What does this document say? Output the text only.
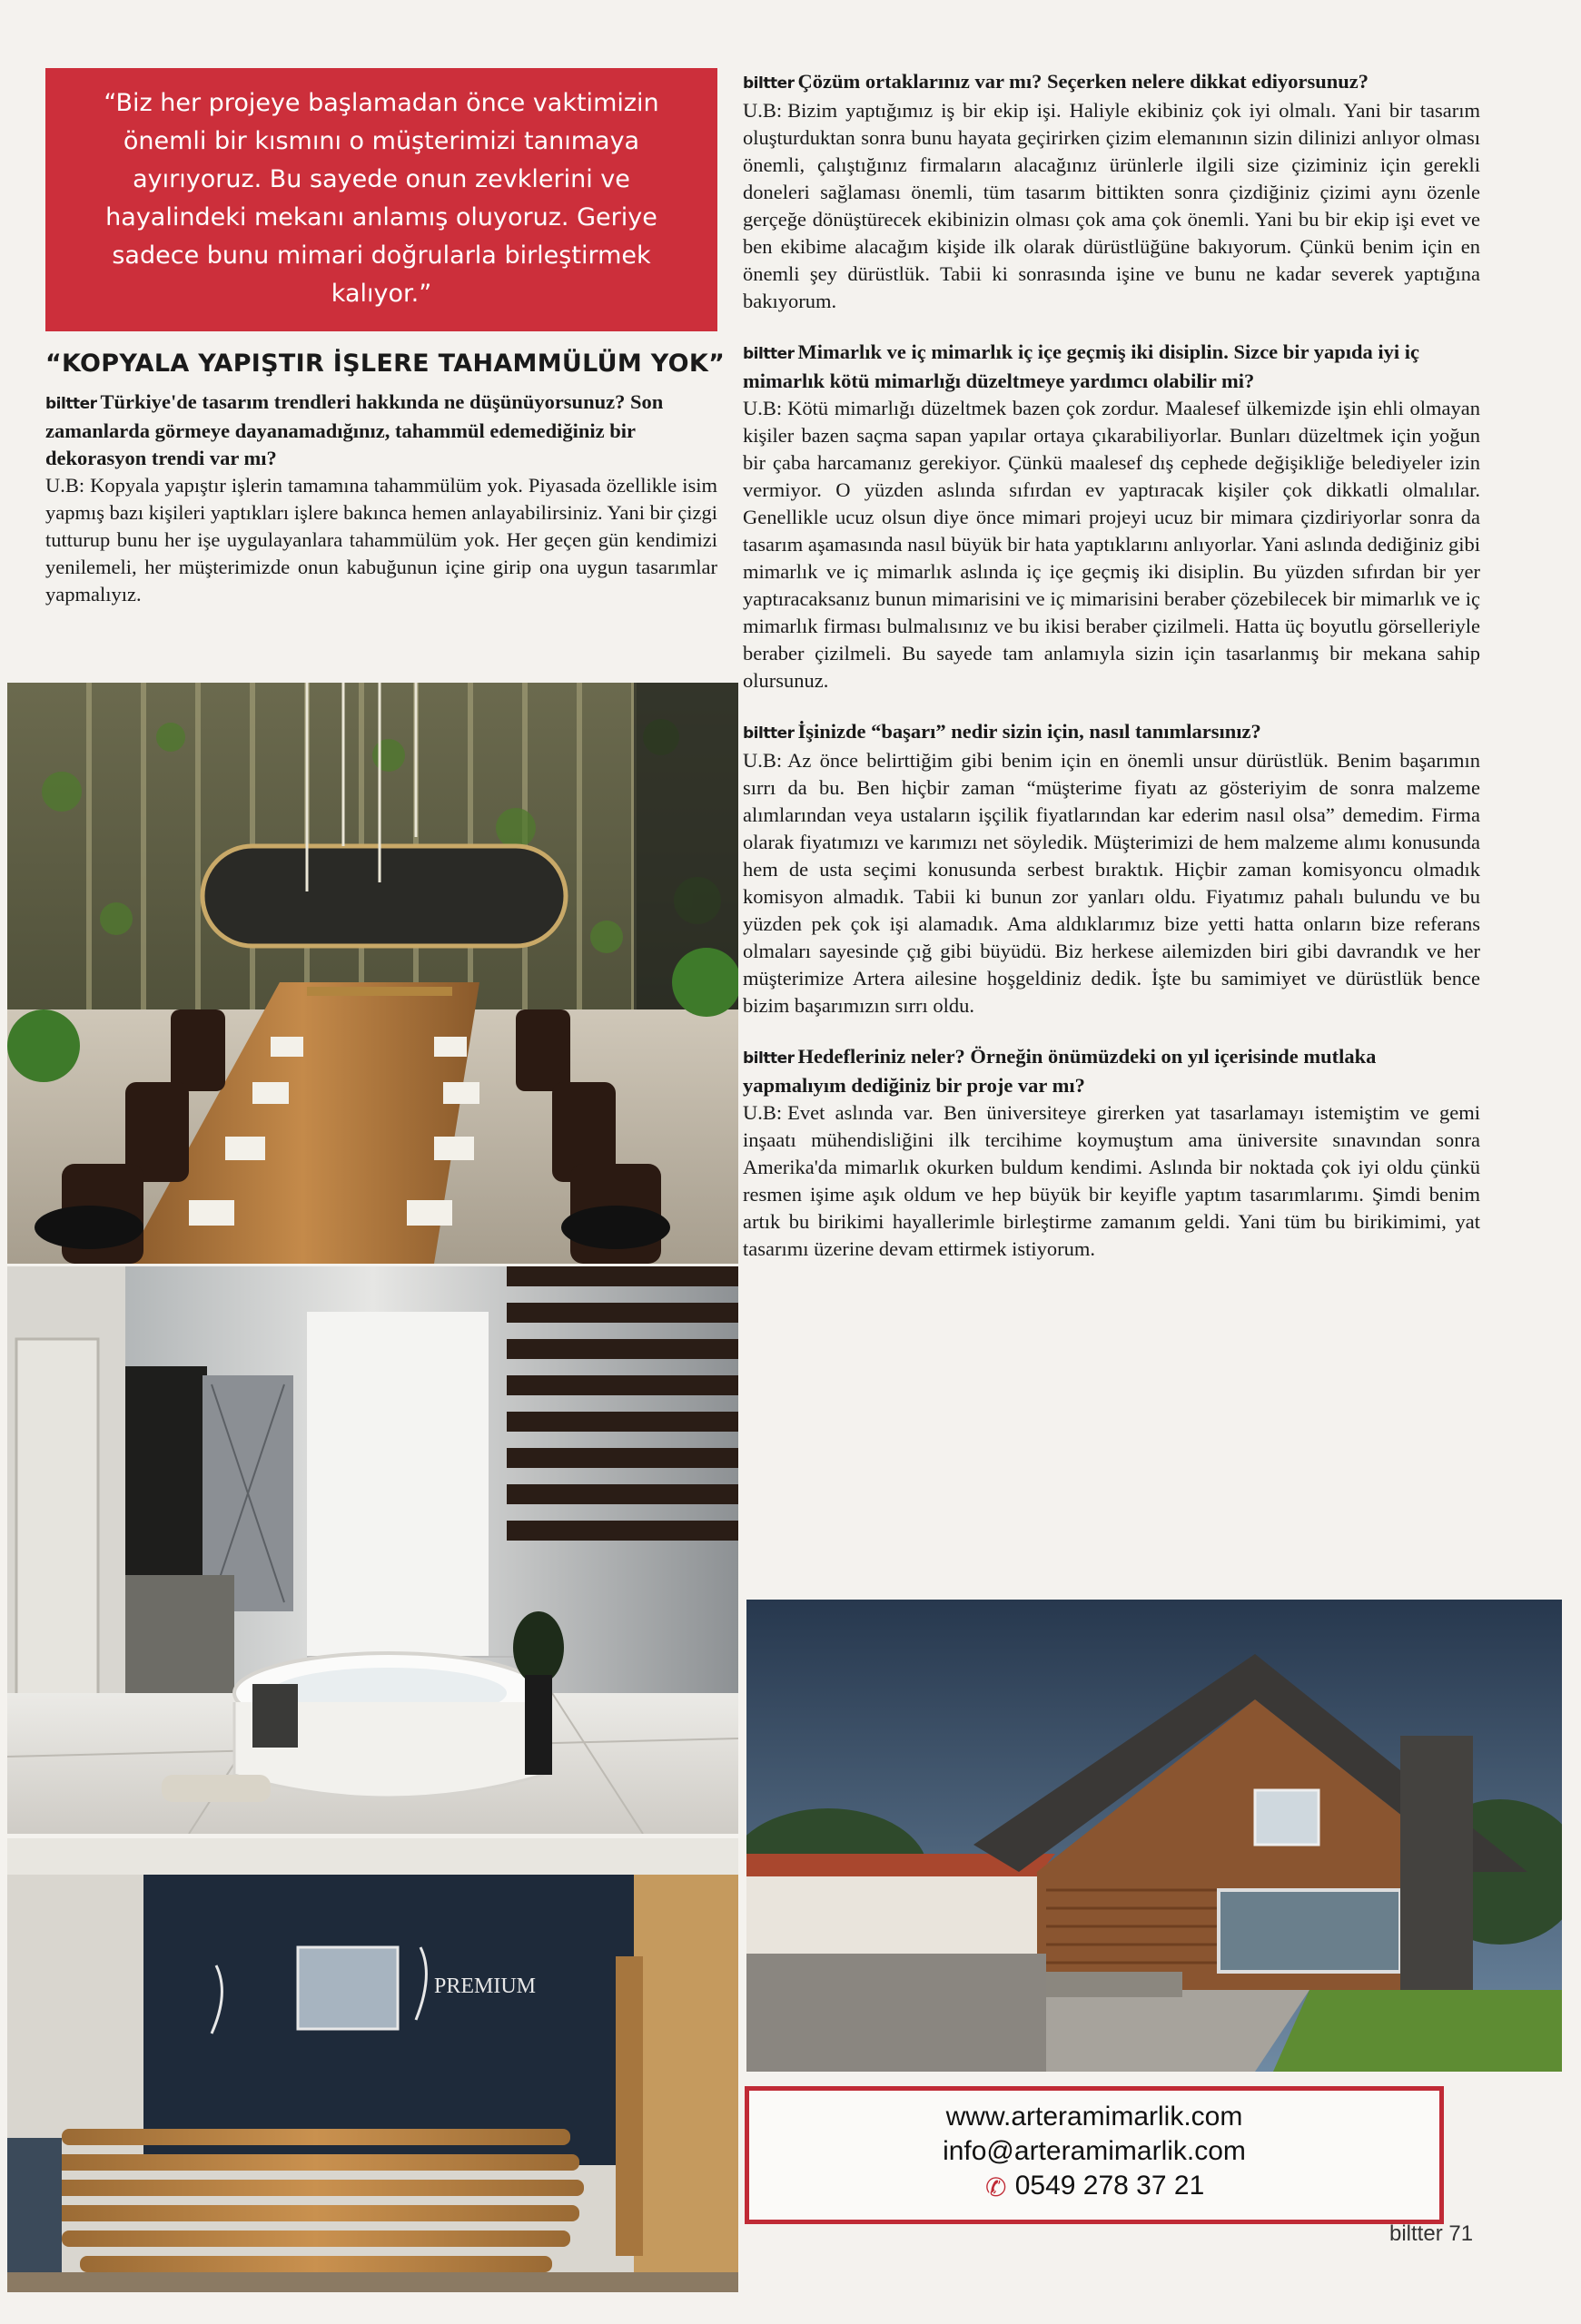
“Biz her projeye başlamadan önce vaktimizin önemli bir kısmını o müşterimizi tanımaya ayırıyoruz. Bu sayede onun zevklerini ve hayalindeki mekanı anlamış oluyoruz. Geriye sadece bunu mimari doğrularla birleştirmek kalıyor.”
“KOPYALA YAPIŞTIR İŞLERE TAHAMMÜLÜM YOK”
biltter Türkiye'de tasarım trendleri hakkında ne düşünüyorsunuz? Son zamanlarda görmeye dayanamadığınız, tahammül edemediğiniz bir dekorasyon trendi var mı?
U.B: Kopyala yapıştır işlerin tamamına tahammülüm yok. Piyasada özellikle isim yapmış bazı kişileri yaptıkları işlere bakınca hemen anlayabilirsiniz. Yani bir çizgi tutturup bunu her işe uygulayanlara tahammülüm yok. Her geçen gün kendimizi yenilemeli, her müşterimizde onun kabuğunun içine girip ona uygun tasarımlar yapmalıyız.
PREMIUM
biltter Çözüm ortaklarınız var mı? Seçerken nelere dikkat ediyorsunuz?
U.B: Bizim yaptığımız iş bir ekip işi. Haliyle ekibiniz çok iyi olmalı. Yani bir tasarım oluşturduktan sonra bunu hayata geçirirken çizim elemanının sizin dilinizi anlıyor olması önemli, çalıştığınız firmaların alacağınız ürünlerle ilgili size çiziminiz için gerekli doneleri sağlaması önemli, tüm tasarım bittikten sonra çizdiğiniz çizimi aynı özenle gerçeğe dönüştürecek ekibinizin olması çok ama çok önemli. Yani bu bir ekip işi evet ve ben ekibime alacağım kişide ilk olarak dürüstlüğüne bakıyorum. Çünkü benim için en önemli şey dürüstlük. Tabii ki sonrasında işine ve bunu ne kadar severek yaptığına bakıyorum.
biltter Mimarlık ve iç mimarlık iç içe geçmiş iki disiplin. Sizce bir yapıda iyi iç mimarlık kötü mimarlığı düzeltmeye yardımcı olabilir mi?
U.B: Kötü mimarlığı düzeltmek bazen çok zordur. Maalesef ülkemizde işin ehli olmayan kişiler bazen saçma sapan yapılar ortaya çıkarabiliyorlar. Bunları düzeltmek için yoğun bir çaba harcamanız gerekiyor. Çünkü maalesef dış cephede değişikliğe belediyeler izin vermiyor. O yüzden aslında sıfırdan ev yaptıracak kişiler çok dikkatli olmalılar. Genellikle ucuz olsun diye önce mimari projeyi ucuz bir mimara çizdiriyorlar sonra da tasarım aşamasında nasıl büyük bir hata yaptıklarını anlıyorlar. Yani aslında dediğiniz gibi mimarlık ve iç mimarlık aslında iç içe geçmiş iki disiplin. Bu yüzden sıfırdan bir yer yaptıracaksanız bunun mimarisini ve iç mimarisini beraber çözebilecek bir mimarlık ve iç mimarlık firması bulmalısınız ve bu ikisi beraber çizilmeli. Hatta üç boyutlu görselleriyle beraber çizilmeli. Bu sayede tam anlamıyla sizin için tasarlanmış bir mekana sahip olursunuz.
biltter İşinizde “başarı” nedir sizin için, nasıl tanımlarsınız?
U.B: Az önce belirttiğim gibi benim için en önemli unsur dürüstlük. Benim başarımın sırrı da bu. Ben hiçbir zaman “müşterime fiyatı az gösteriyim de sonra malzeme alımlarından veya ustaların işçilik fiyatlarından kar ederim nasıl olsa” demedim. Firma olarak fiyatımızı ve karımızı net söyledik. Müşterimizi de hem malzeme alımı konusunda hem de usta seçimi konusunda serbest bıraktık. Hiçbir zaman komisyoncu olmadık komisyon almadık. Tabii ki bunun zor yanları oldu. Fiyatımız pahalı bulundu ve bu yüzden pek çok işi alamadık. Ama aldıklarımız bize yetti hatta onların bize referans olmaları sayesinde çığ gibi büyüdü. Biz herkese ailemizden biri gibi davrandık ve her müşterimize Artera ailesine hoşgeldiniz dedik. İşte bu samimiyet ve dürüstlük bence bizim başarımızın sırrı oldu.
biltter Hedefleriniz neler? Örneğin önümüzdeki on yıl içerisinde mutlaka yapmalıyım dediğiniz bir proje var mı?
U.B: Evet aslında var. Ben üniversiteye girerken yat tasarlamayı istemiştim ve gemi inşaatı mühendisliğini ilk tercihime koymuştum ama üniversite sınavından sonra Amerika'da mimarlık okurken buldum kendimi. Aslında bir noktada çok iyi oldu çünkü resmen işime aşık oldum ve hep büyük bir keyifle yaptım tasarımlarımı. Şimdi benim artık bu birikimi hayallerimle birleştirme zamanım geldi. Yani tüm bu birikimimi, yat tasarımı üzerine devam ettirmek istiyorum.
www.arteramimarlik.com
info@arteramimarlik.com
✆ 0549 278 37 21
biltter 71
